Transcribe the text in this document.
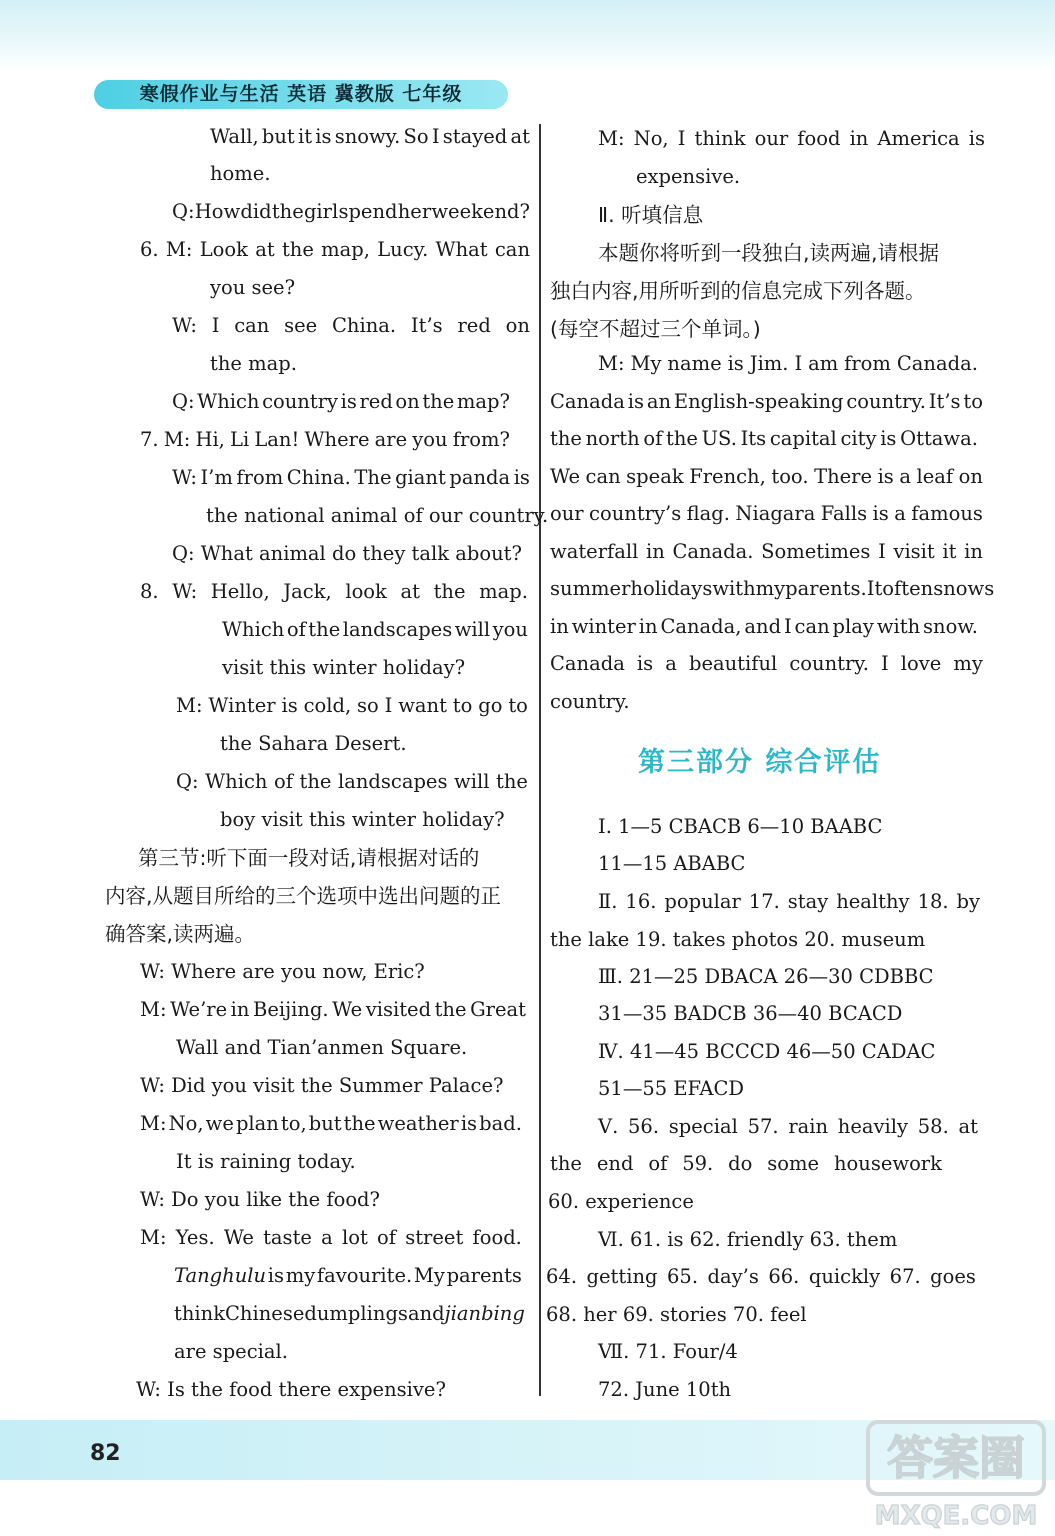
寒假作业与生活 英语 冀教版 七年级
Wall, but it is snowy. So I stayed at
home.
Q: How did the girl spend her weekend?
6. M: Look at the map, Lucy. What can
you see?
W: I can see China. It’s red on
the map.
Q: Which country is red on the map?
7. M: Hi, Li Lan! Where are you from?
W: I’m from China. The giant panda is
the national animal of our country.
Q: What animal do they talk about?
8. W: Hello, Jack, look at the map.
Which of the landscapes will you
visit this winter holiday?
M: Winter is cold, so I want to go to
the Sahara Desert.
Q: Which of the landscapes will the
boy visit this winter holiday?
第三节:听下面一段对话,请根据对话的
内容,从题目所给的三个选项中选出问题的正
确答案,读两遍。
W: Where are you now, Eric?
M: We’re in Beijing. We visited the Great
Wall and Tian’anmen Square.
W: Did you visit the Summer Palace?
M: No, we plan to, but the weather is bad.
It is raining today.
W: Do you like the food?
M: Yes. We taste a lot of street food.
Tanghulu is my favourite. My parents
think Chinese dumplings and jianbing
are special.
W: Is the food there expensive?
M: No, I think our food in America is
expensive.
Ⅱ. 听填信息
本题你将听到一段独白,读两遍,请根据
独白内容,用所听到的信息完成下列各题。
(每空不超过三个单词。)
M: My name is Jim. I am from Canada.
Canada is an English-speaking country. It’s to
the north of the US. Its capital city is Ottawa.
We can speak French, too. There is a leaf on
our country’s flag. Niagara Falls is a famous
waterfall in Canada. Sometimes I visit it in
summer holidays with my parents. It often snows
in winter in Canada, and I can play with snow.
Canada is a beautiful country. I love my
country.
Ⅰ. 1—5 CBACB 6—10 BAABC
11—15 ABABC
Ⅱ. 16. popular 17. stay healthy 18. by
the lake 19. takes photos 20. museum
Ⅲ. 21—25 DBACA 26—30 CDBBC
31—35 BADCB 36—40 BCACD
Ⅳ. 41—45 BCCCD 46—50 CADAC
51—55 EFACD
Ⅴ. 56. special 57. rain heavily 58. at
the end of 59. do some housework
60. experience
Ⅵ. 61. is 62. friendly 63. them
64. getting 65. day’s 66. quickly 67. goes
68. her 69. stories 70. feel
Ⅶ. 71. Four/4
72. June 10th
第三部分 综合评估
82	答案圈
MXQE.COM
